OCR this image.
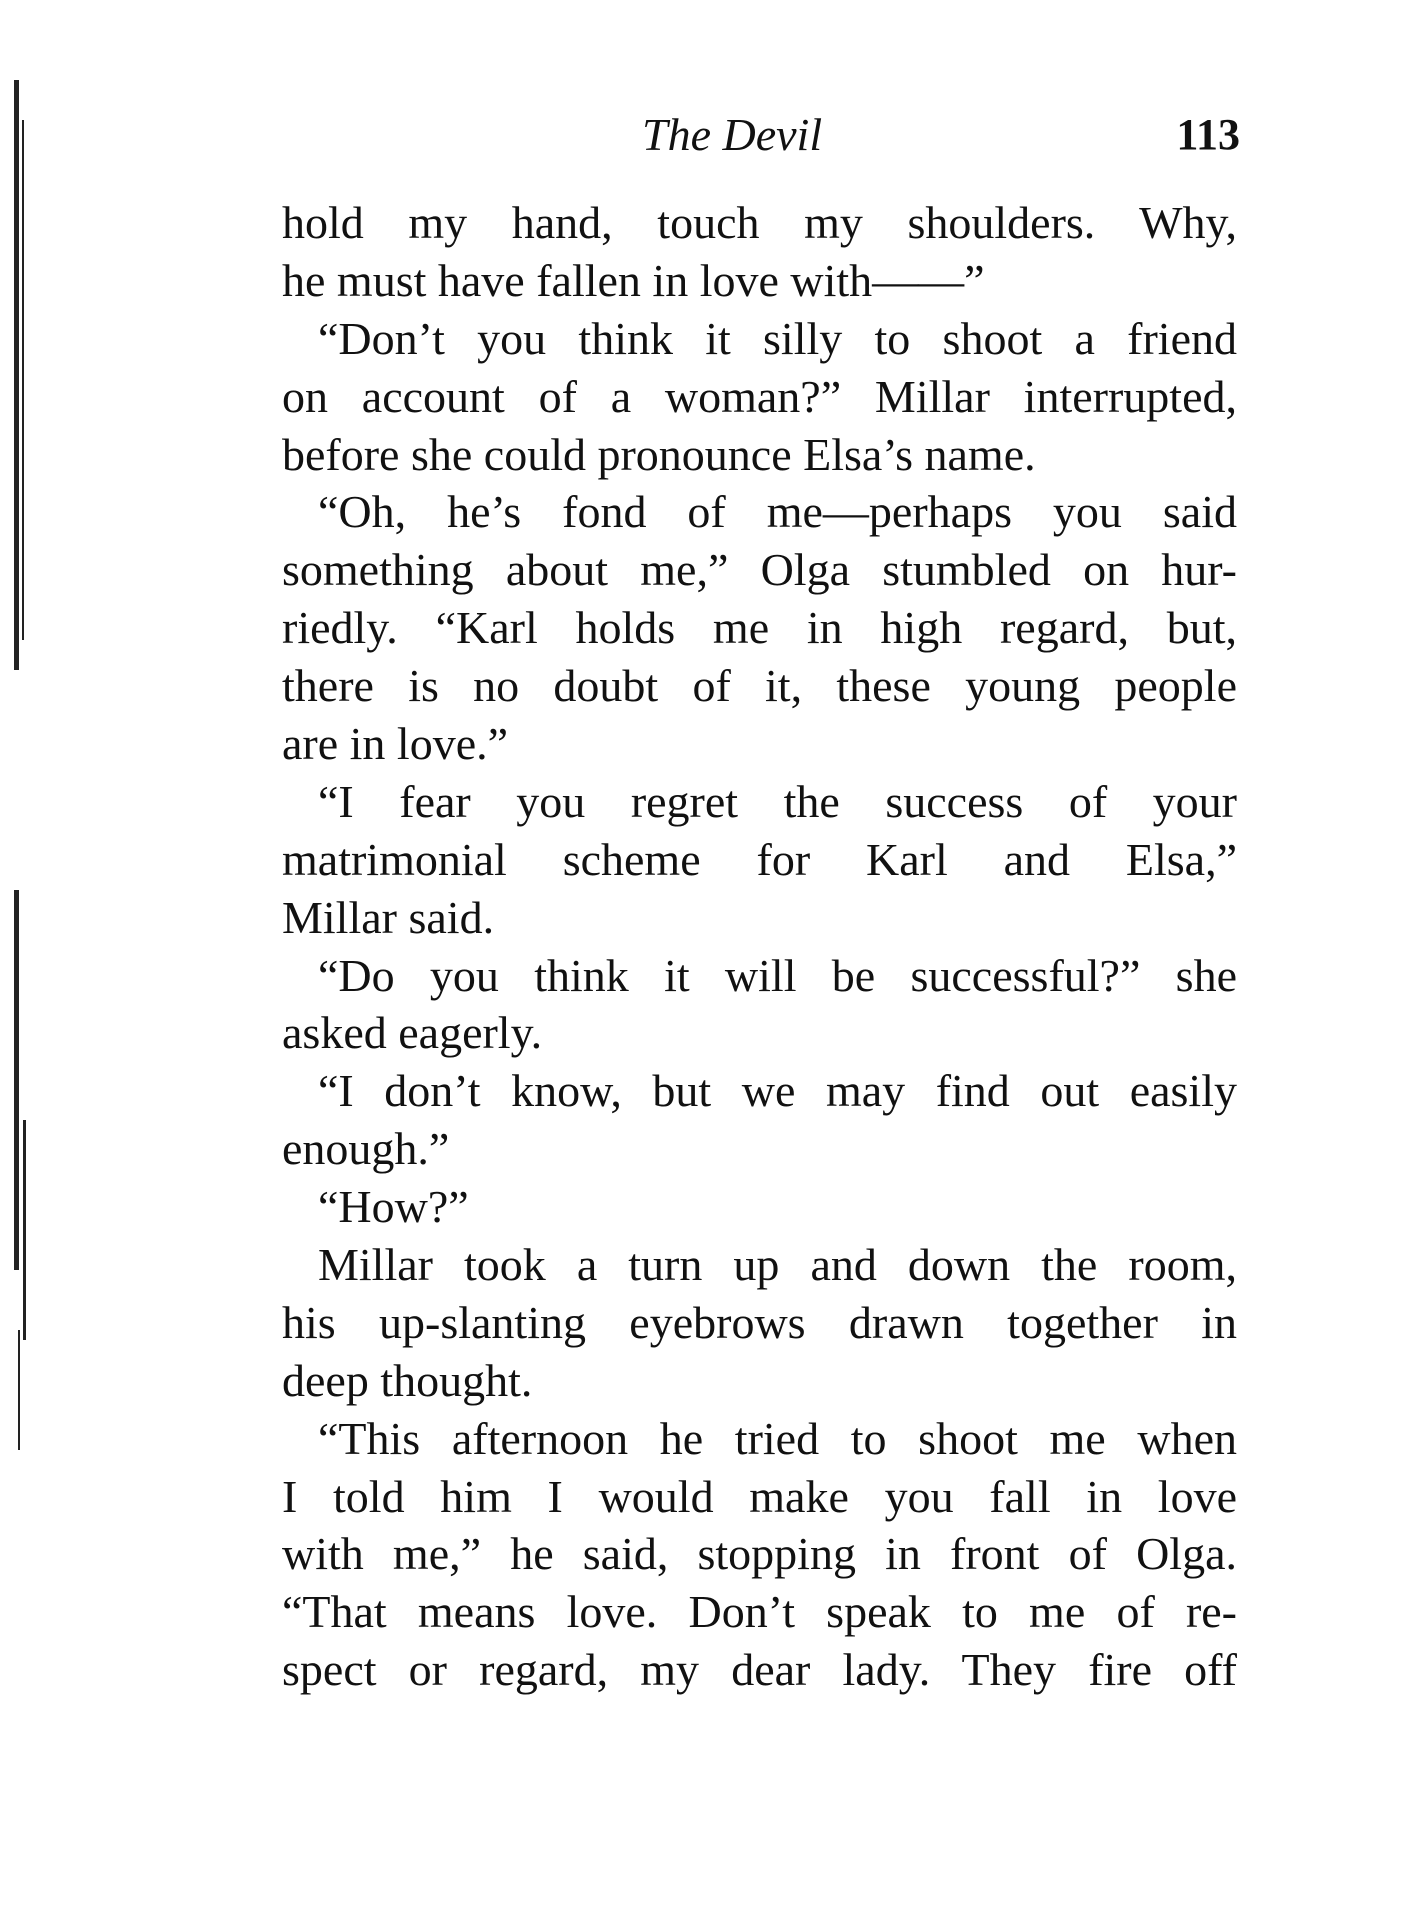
The Devil	113
hold my hand, touch my shoulders. Why,
he must have fallen in love with——”
“Don’t you think it silly to shoot a friend
on account of a woman?” Millar interrupted,
before she could pronounce Elsa’s name.
“Oh, he’s fond of me—perhaps you said
something about me,” Olga stumbled on hur-
riedly. “Karl holds me in high regard, but,
there is no doubt of it, these young people
are in love.”
“I fear you regret the success of your
matrimonial scheme for Karl and Elsa,”
Millar said.
“Do you think it will be successful?” she
asked eagerly.
“I don’t know, but we may find out easily
enough.”
“How?”
Millar took a turn up and down the room,
his up-slanting eyebrows drawn together in
deep thought.
“This afternoon he tried to shoot me when
I told him I would make you fall in love
with me,” he said, stopping in front of Olga.
“That means love. Don’t speak to me of re-
spect or regard, my dear lady. They fire off
